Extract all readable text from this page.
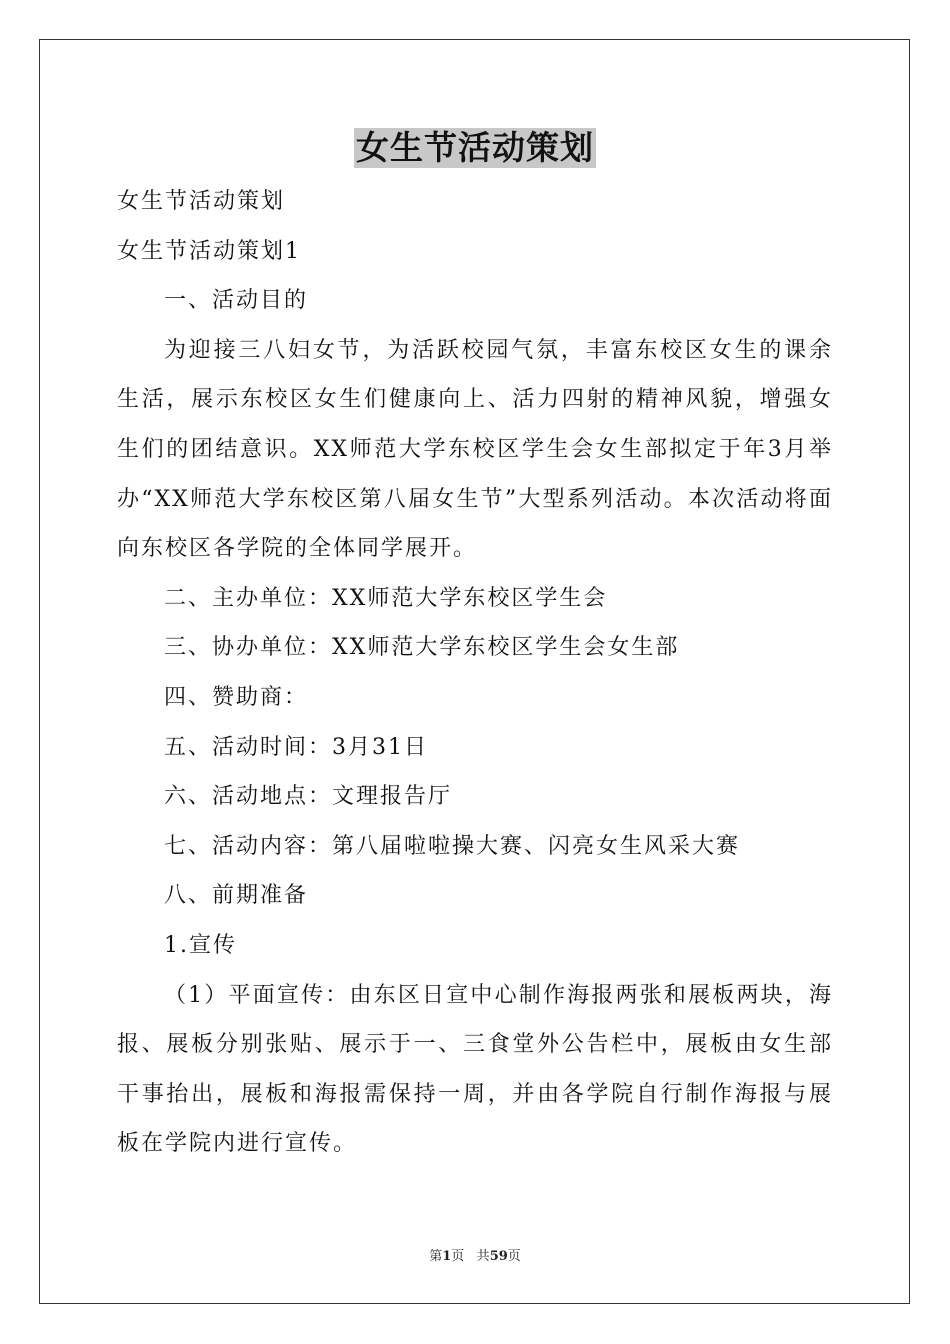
女生节活动策划

女生节活动策划

女生节活动策划1

一、活动目的

为迎接三八妇女节，为活跃校园气氛，丰富东校区女生的课余生活，展示东校区女生们健康向上、活力四射的精神风貌，增强女生们的团结意识。XX师范大学东校区学生会女生部拟定于年3月举办“XX师范大学东校区第八届女生节”大型系列活动。本次活动将面向东校区各学院的全体同学展开。

二、主办单位：XX师范大学东校区学生会

三、协办单位：XX师范大学东校区学生会女生部

四、赞助商：

五、活动时间：3月31日

六、活动地点：文理报告厅

七、活动内容：第八届啦啦操大赛、闪亮女生风采大赛

八、前期准备

1.宣传

（1）平面宣传：由东区日宣中心制作海报两张和展板两块，海报、展板分别张贴、展示于一、三食堂外公告栏中，展板由女生部干事抬出，展板和海报需保持一周，并由各学院自行制作海报与展板在学院内进行宣传。

第1页 共59页
